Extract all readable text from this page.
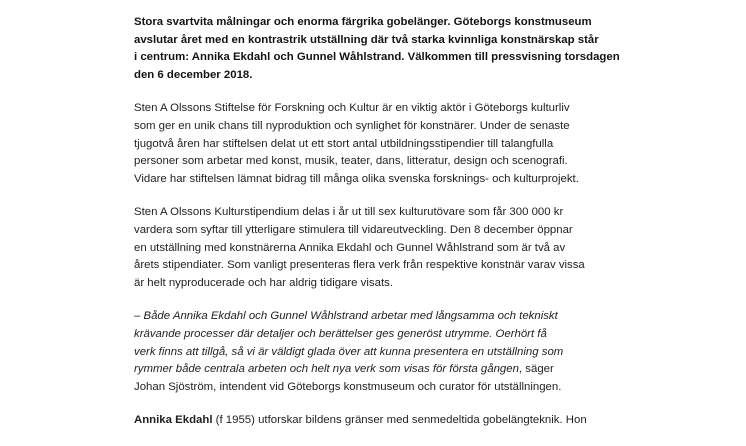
Stora svartvita målningar och enorma färgrika gobelänger. Göteborgs konstmuseum
avslutar året med en kontrastrik utställning där två starka kvinnliga konstnärskap står
i centrum: Annika Ekdahl och Gunnel Wåhlstrand. Välkommen till pressvisning torsdagen
den 6 december 2018.
Sten A Olssons Stiftelse för Forskning och Kultur är en viktig aktör i Göteborgs kulturliv
som ger en unik chans till nyproduktion och synlighet för konstnärer. Under de senaste
tjugotvå åren har stiftelsen delat ut ett stort antal utbildningsstipendier till talangfulla
personer som arbetar med konst, musik, teater, dans, litteratur, design och scenografi.
Vidare har stiftelsen lämnat bidrag till många olika svenska forsknings- och kulturprojekt.
Sten A Olssons Kulturstipendium delas i år ut till sex kulturutövare som får 300 000 kr
vardera som syftar till ytterligare stimulera till vidareutveckling. Den 8 december öppnar
en utställning med konstnärerna Annika Ekdahl och Gunnel Wåhlstrand som är två av
årets stipendiater. Som vanligt presenteras flera verk från respektive konstnär varav vissa
är helt nyproducerade och har aldrig tidigare visats.
– Både Annika Ekdahl och Gunnel Wåhlstrand arbetar med långsamma och tekniskt
krävande processer där detaljer och berättelser ges generöst utrymme. Oerhört få
verk finns att tillgå, så vi är väldigt glada över att kunna presentera en utställning som
rymmer både centrala arbeten och helt nya verk som visas för första gången, säger
Johan Sjöström, intendent vid Göteborgs konstmuseum och curator för utställningen.
Annika Ekdahl (f 1955) utforskar bildens gränser med senmedeltida gobelängteknik. Hon
